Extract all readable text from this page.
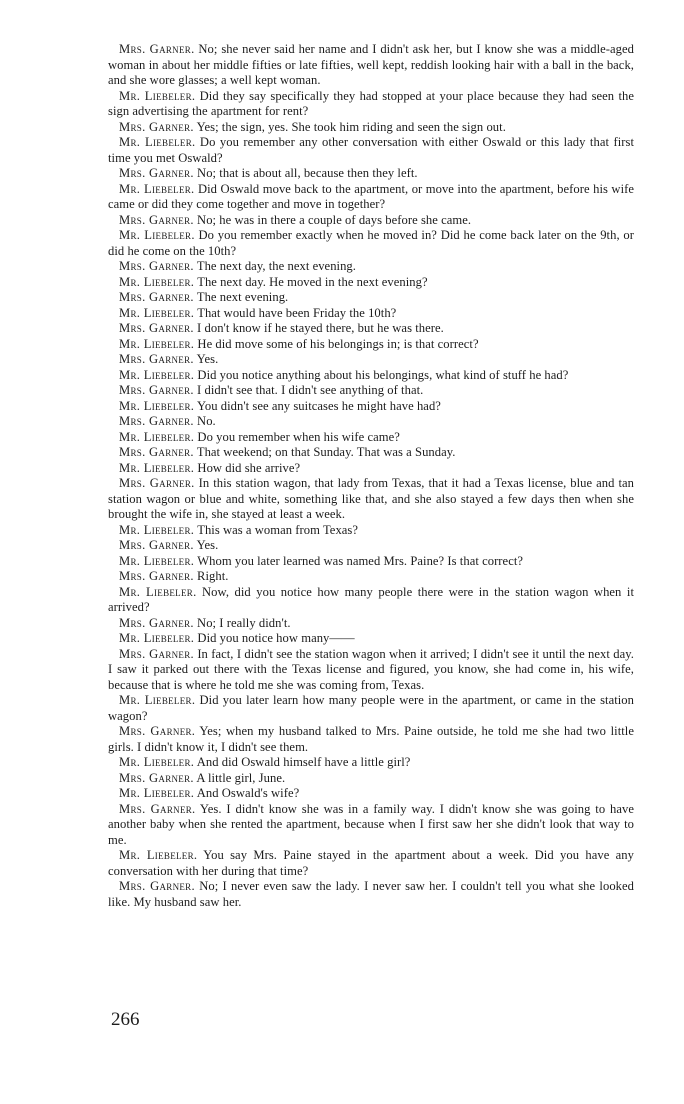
Mrs. Garner. No; she never said her name and I didn't ask her, but I know she was a middle-aged woman in about her middle fifties or late fifties, well kept, reddish looking hair with a ball in the back, and she wore glasses; a well kept woman.

Mr. Liebeler. Did they say specifically they had stopped at your place because they had seen the sign advertising the apartment for rent?

Mrs. Garner. Yes; the sign, yes. She took him riding and seen the sign out.

Mr. Liebeler. Do you remember any other conversation with either Oswald or this lady that first time you met Oswald?

Mrs. Garner. No; that is about all, because then they left.

Mr. Liebeler. Did Oswald move back to the apartment, or move into the apartment, before his wife came or did they come together and move in together?

Mrs. Garner. No; he was in there a couple of days before she came.

Mr. Liebeler. Do you remember exactly when he moved in? Did he come back later on the 9th, or did he come on the 10th?

Mrs. Garner. The next day, the next evening.

Mr. Liebeler. The next day. He moved in the next evening?

Mrs. Garner. The next evening.

Mr. Liebeler. That would have been Friday the 10th?

Mrs. Garner. I don't know if he stayed there, but he was there.

Mr. Liebeler. He did move some of his belongings in; is that correct?

Mrs. Garner. Yes.

Mr. Liebeler. Did you notice anything about his belongings, what kind of stuff he had?

Mrs. Garner. I didn't see that. I didn't see anything of that.

Mr. Liebeler. You didn't see any suitcases he might have had?

Mrs. Garner. No.

Mr. Liebeler. Do you remember when his wife came?

Mrs. Garner. That weekend; on that Sunday. That was a Sunday.

Mr. Liebeler. How did she arrive?

Mrs. Garner. In this station wagon, that lady from Texas, that it had a Texas license, blue and tan station wagon or blue and white, something like that, and she also stayed a few days then when she brought the wife in, she stayed at least a week.

Mr. Liebeler. This was a woman from Texas?

Mrs. Garner. Yes.

Mr. Liebeler. Whom you later learned was named Mrs. Paine? Is that correct?

Mrs. Garner. Right.

Mr. Liebeler. Now, did you notice how many people there were in the station wagon when it arrived?

Mrs. Garner. No; I really didn't.

Mr. Liebeler. Did you notice how many——

Mrs. Garner. In fact, I didn't see the station wagon when it arrived; I didn't see it until the next day. I saw it parked out there with the Texas license and figured, you know, she had come in, his wife, because that is where he told me she was coming from, Texas.

Mr. Liebeler. Did you later learn how many people were in the apartment, or came in the station wagon?

Mrs. Garner. Yes; when my husband talked to Mrs. Paine outside, he told me she had two little girls. I didn't know it, I didn't see them.

Mr. Liebeler. And did Oswald himself have a little girl?

Mrs. Garner. A little girl, June.

Mr. Liebeler. And Oswald's wife?

Mrs. Garner. Yes. I didn't know she was in a family way. I didn't know she was going to have another baby when she rented the apartment, because when I first saw her she didn't look that way to me.

Mr. Liebeler. You say Mrs. Paine stayed in the apartment about a week. Did you have any conversation with her during that time?

Mrs. Garner. No; I never even saw the lady. I never saw her. I couldn't tell you what she looked like. My husband saw her.

266
